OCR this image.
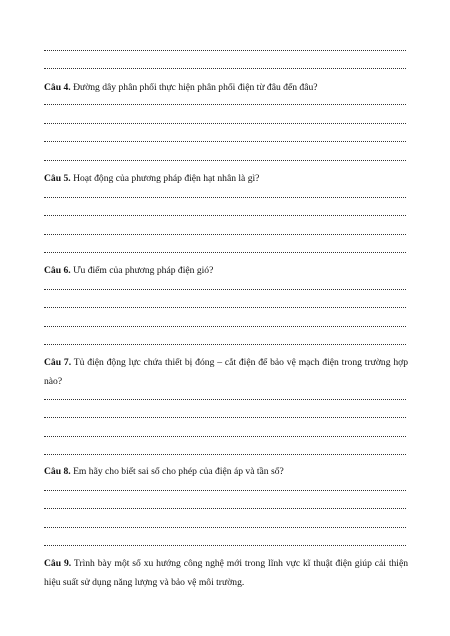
Câu 4. Đường dây phân phối thực hiện phân phối điện từ đâu đến đâu?
Câu 5. Hoạt động của phương pháp điện hạt nhân là gì?
Câu 6. Ưu điểm của phương pháp điện gió?
Câu 7. Tủ điện động lực chứa thiết bị đóng – cắt điện để bảo vệ mạch điện trong trường hợp nào?
Câu 8. Em hãy cho biết sai số cho phép của điện áp và tần số?
Câu 9. Trình bày một số xu hướng công nghệ mới trong lĩnh vực kĩ thuật điện giúp cải thiện hiệu suất sử dụng năng lượng và bảo vệ môi trường.
